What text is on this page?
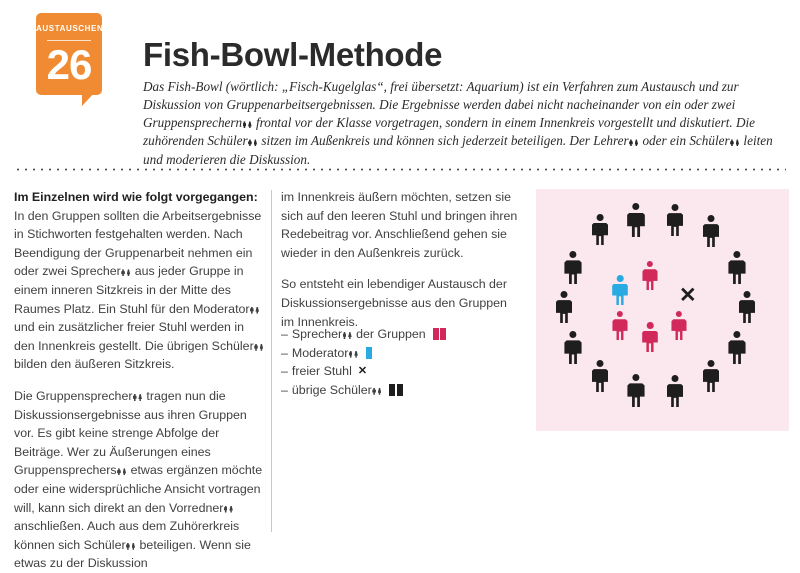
AUSTAUSCHEN
26	Fish-Bowl-Methode

Das Fish-Bowl (wörtlich: „Fisch-Kugelglas“, frei übersetzt: Aquarium) ist ein Verfahren zum Austausch und zur Diskussion von Gruppenarbeitsergebnissen. Die Ergebnisse werden dabei nicht nacheinander von ein oder zwei Gruppensprechern frontal vor der Klasse vorgetragen, sondern in einem Innenkreis vorgestellt und diskutiert. Die zuhörenden Schüler sitzen im Außenkreis und können sich jederzeit beteiligen. Der Lehrer oder ein Schüler leiten und moderieren die Diskussion.

Im Einzelnen wird wie folgt vorgegangen:

In den Gruppen sollten die Arbeitsergebnisse in Stichworten festgehalten werden. Nach Beendigung der Gruppenarbeit nehmen ein oder zwei Sprecher aus jeder Gruppe in einem inneren Sitzkreis in der Mitte des Raumes Platz. Ein Stuhl für den Moderator und ein zusätzlicher freier Stuhl werden in den Innenkreis gestellt. Die übrigen Schüler bilden den äußeren Sitzkreis.

Die Gruppensprecher tragen nun die Diskussionsergebnisse aus ihren Gruppen vor. Es gibt keine strenge Abfolge der Beiträge. Wer zu Äußerungen eines Gruppensprechers etwas ergänzen möchte oder eine widersprüchliche Ansicht vortragen will, kann sich direkt an den Vorredner anschließen. Auch aus dem Zuhörerkreis können sich Schüler beteiligen. Wenn sie etwas zu der Diskussion

im Innenkreis äußern möchten, setzen sie sich auf den leeren Stuhl und bringen ihren Redebeitrag vor. Anschließend gehen sie wieder in den Außenkreis zurück.

So entsteht ein lebendiger Austausch der Diskussionsergebnisse aus den Gruppen im Innenkreis.

– Sprecher der Gruppen
– Moderator
– freier Stuhl ✕
– übrige Schüler
✕
